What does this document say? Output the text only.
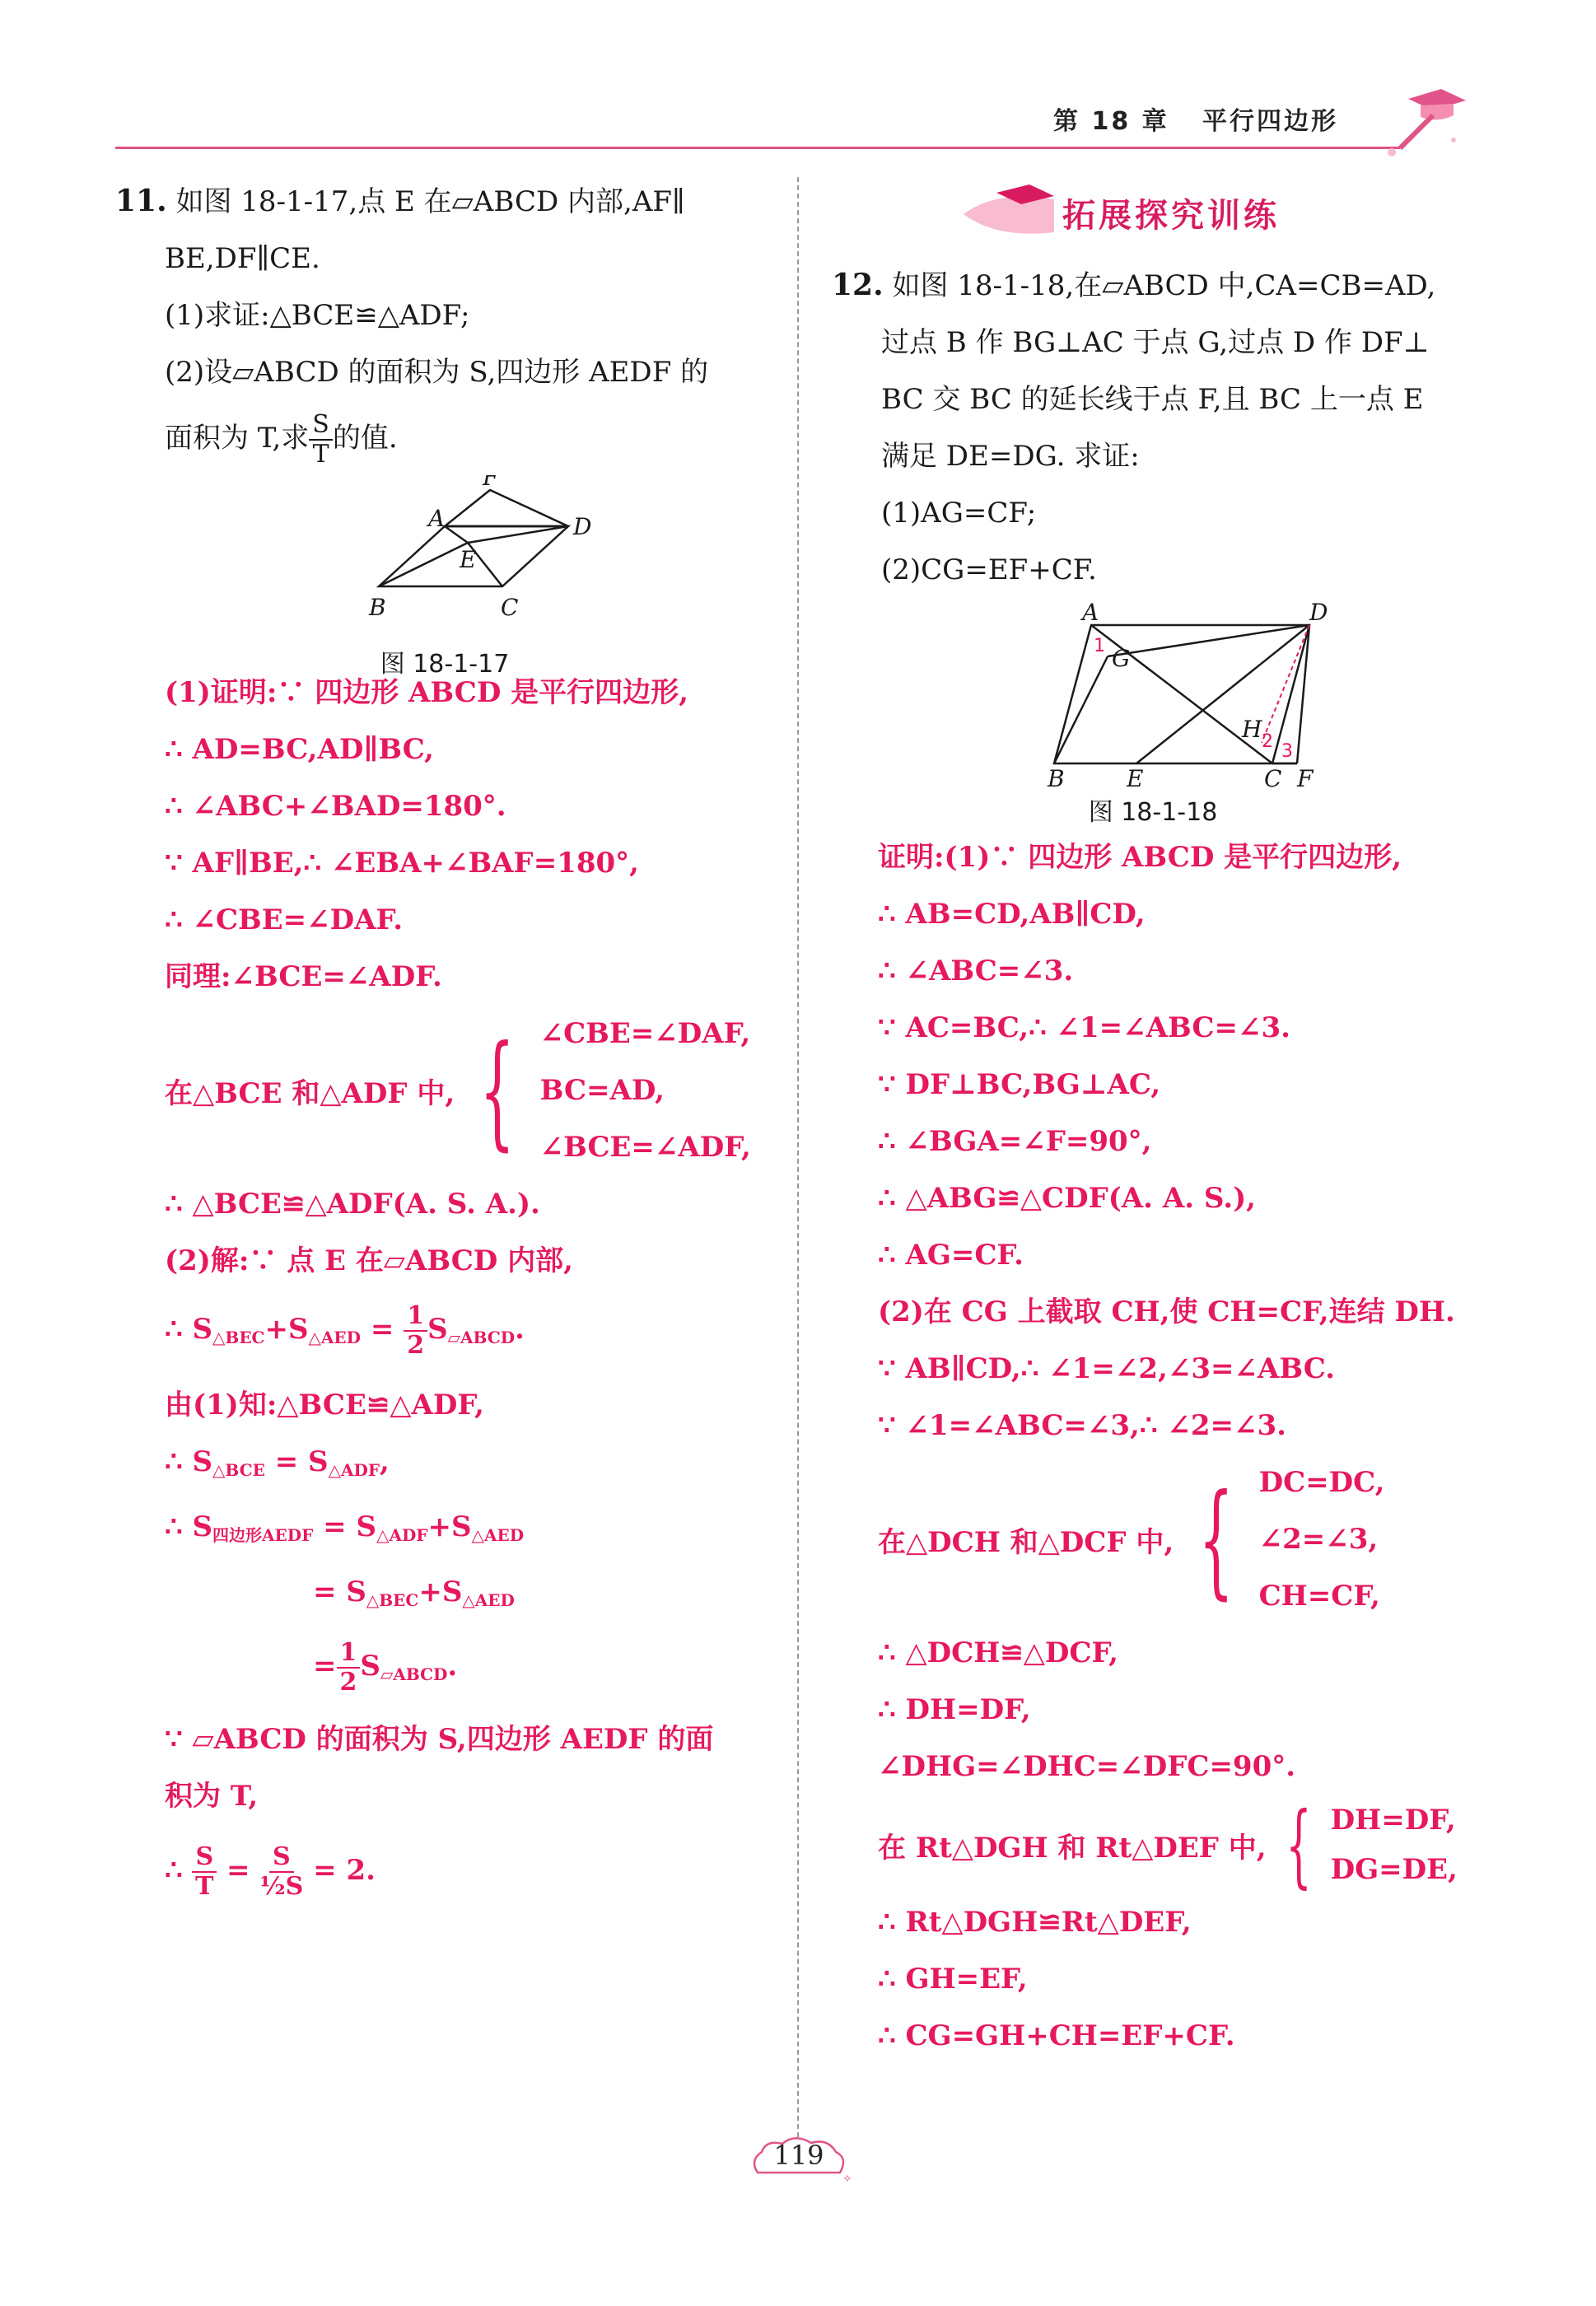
第 18 章 平行四边形
11. 如图 18-1-17,点 E 在▱ABCD 内部,AF∥
BE,DF∥CE.
(1)求证:△BCE≌△ADF;
(2)设▱ABCD 的面积为 S,四边形 AEDF 的
面积为 T,求 $\frac{S}{T}$ 的值.
A
B	C
D
E
F
图 18-1-17
(1)证明:∵ 四边形 ABCD 是平行四边形,
∴ AD=BC,AD∥BC,
∴ ∠ABC+∠BAD=180°.
∵ AF∥BE,∴ ∠EBA+∠BAF=180°,
∴ ∠CBE=∠DAF.
同理:∠BCE=∠ADF.
在△BCE 和△ADF 中, { ∠CBE=∠DAF,
BC=AD,
∠BCE=∠ADF,
∴ △BCE≌△ADF(A. S. A.).
(2)解:∵ 点 E 在▱ABCD 内部,
∴ $S_{\triangle BEC}+S_{\triangle AED} = \frac{1}{2} S_{▱ABCD}$.
由(1)知:△BCE≌△ADF,
∴ $S_{\triangle BCE} = S_{\triangle ADF}$,
∴ $S_{四边形AEDF} = S_{\triangle ADF}+S_{\triangle AED}$
= $S_{\triangle BEC}+S_{\triangle AED}$
= $\frac{1}{2} S_{▱ABCD}$.
∵ ▱ABCD 的面积为 S,四边形 AEDF 的面
积为 T,
∴ $\frac{S}{T} = \frac{S}{\text{½S}} = 2$.
拓展探究训练
12. 如图 18-1-18,在▱ABCD 中,CA=CB=AD,
过点 B 作 BG⊥AC 于点 G,过点 D 作 DF⊥
BC 交 BC 的延长线于点 F,且 BC 上一点 E
满足 DE=DG. 求证:
(1)AG=CF;
(2)CG=EF+CF.
A
B	C
D
E	F
G
H
1
2 3
图 18-1-18
证明:(1)∵ 四边形 ABCD 是平行四边形,
∴ AB=CD,AB∥CD,
∴ ∠ABC=∠3.
∵ AC=BC,∴ ∠1=∠ABC=∠3.
∵ DF⊥BC,BG⊥AC,
∴ ∠BGA=∠F=90°,
∴ △ABG≌△CDF(A. A. S.),
∴ AG=CF.
(2)在 CG 上截取 CH,使 CH=CF,连结 DH.
∵ AB∥CD,∴ ∠1=∠2,∠3=∠ABC.
∵ ∠1=∠ABC=∠3,∴ ∠2=∠3.
在△DCH 和△DCF 中, { DC=DC,
∠2=∠3,
CH=CF,
∴ △DCH≌△DCF,
∴ DH=DF,
∠DHG=∠DHC=∠DFC=90°.
在 Rt△DGH 和 Rt△DEF 中, { DH=DF,
DG=DE,
∴ Rt△DGH≌Rt△DEF,
∴ GH=EF,
∴ CG=GH+CH=EF+CF.
✧
119
